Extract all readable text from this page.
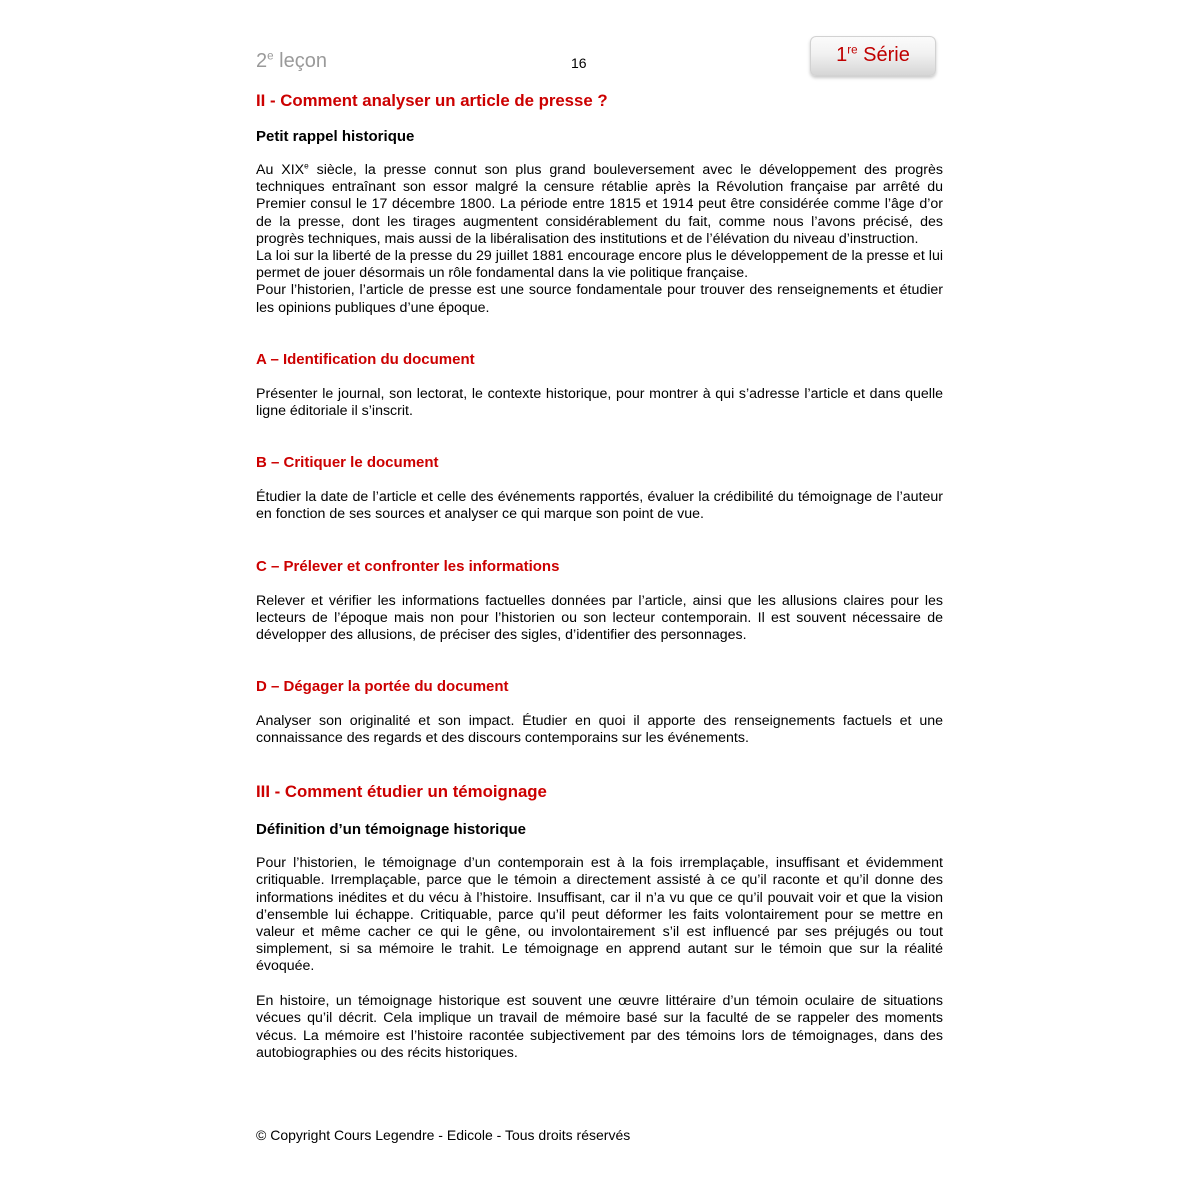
2e leçon	16	1re Série
II - Comment analyser un article de presse ?
Petit rappel historique

Au XIXe siècle, la presse connut son plus grand bouleversement avec le développement des progrès techniques entraînant son essor malgré la censure rétablie après la Révolution française par arrêté du Premier consul le 17 décembre 1800. La période entre 1815 et 1914 peut être considérée comme l’âge d’or de la presse, dont les tirages augmentent considérablement du fait, comme nous l’avons précisé, des progrès techniques, mais aussi de la libéralisation des institutions et de l’élévation du niveau d’instruction.

La loi sur la liberté de la presse du 29 juillet 1881 encourage encore plus le développement de la presse et lui permet de jouer désormais un rôle fondamental dans la vie politique française.

Pour l’historien, l’article de presse est une source fondamentale pour trouver des renseignements et étudier les opinions publiques d’une époque.

A – Identification du document

Présenter le journal, son lectorat, le contexte historique, pour montrer à qui s’adresse l’article et dans quelle ligne éditoriale il s’inscrit.

B – Critiquer le document

Étudier la date de l’article et celle des événements rapportés, évaluer la crédibilité du témoignage de l’auteur en fonction de ses sources et analyser ce qui marque son point de vue.

C – Prélever et confronter les informations

Relever et vérifier les informations factuelles données par l’article, ainsi que les allusions claires pour les lecteurs de l’époque mais non pour l’historien ou son lecteur contemporain. Il est souvent nécessaire de développer des allusions, de préciser des sigles, d’identifier des personnages.

D – Dégager la portée du document

Analyser son originalité et son impact. Étudier en quoi il apporte des renseignements factuels et une connaissance des regards et des discours contemporains sur les événements.

III - Comment étudier un témoignage
Définition d’un témoignage historique

Pour l’historien, le témoignage d’un contemporain est à la fois irremplaçable, insuffisant et évidemment critiquable. Irremplaçable, parce que le témoin a directement assisté à ce qu’il raconte et qu’il donne des informations inédites et du vécu à l’histoire. Insuffisant, car il n’a vu que ce qu’il pouvait voir et que la vision d’ensemble lui échappe. Critiquable, parce qu’il peut déformer les faits volontairement pour se mettre en valeur et même cacher ce qui le gêne, ou involontairement s’il est influencé par ses préjugés ou tout simplement, si sa mémoire le trahit. Le témoignage en apprend autant sur le témoin que sur la réalité évoquée.

En histoire, un témoignage historique est souvent une œuvre littéraire d’un témoin oculaire de situations vécues qu’il décrit. Cela implique un travail de mémoire basé sur la faculté de se rappeler des moments vécus. La mémoire est l’histoire racontée subjectivement par des témoins lors de témoignages, dans des autobiographies ou des récits historiques.

© Copyright Cours Legendre - Edicole - Tous droits réservés
